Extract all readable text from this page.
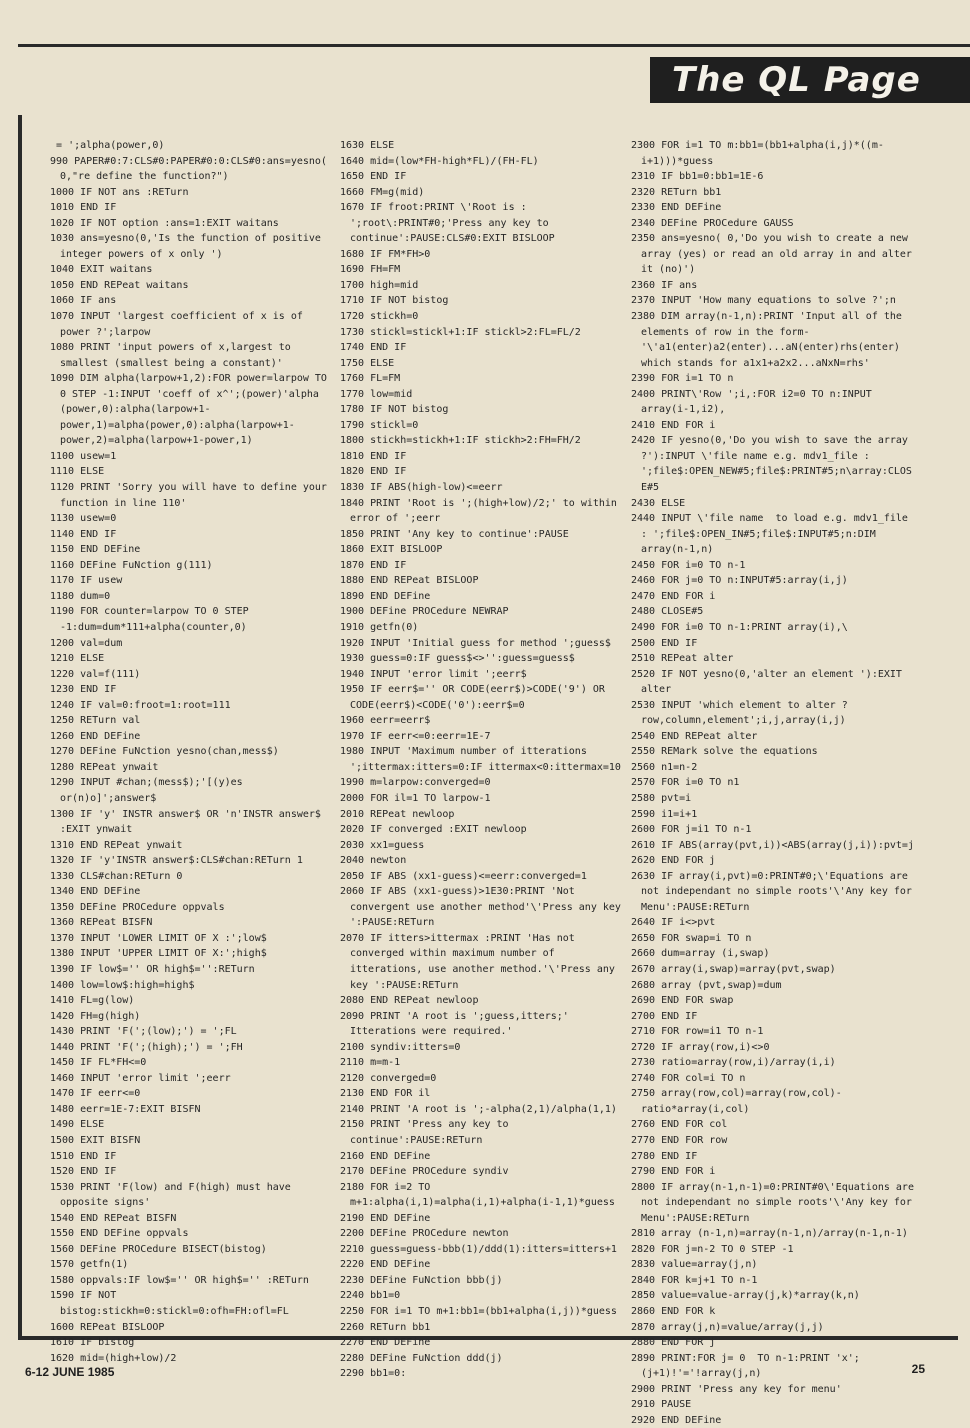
The QL Page
= ';alpha(power,0)
990 PAPER#0:7:CLS#0:PAPER#0:0:CLS#0:ans=yesno( 0,"re define the function?")
1000 IF NOT ans :RETurn
1010 END IF
1020 IF NOT option :ans=1:EXIT waitans
1030 ans=yesno(0,'Is the function of positive integer powers of x only ')
1040 EXIT waitans
1050 END REPeat waitans
1060 IF ans
1070 INPUT 'largest coefficient of x is of power ?';larpow
1080 PRINT 'input powers of x,largest to smallest (smallest being a constant)'
1090 DIM alpha(larpow+1,2):FOR power=larpow TO 0 STEP -1:INPUT 'coeff of x^';(power)'alpha (power,0):alpha(larpow+1-power,1)=alpha(power,0):alpha(larpow+1-power,2)=alpha(larpow+1-power,1)
1100 usew=1
1110 ELSE
1120 PRINT 'Sorry you will have to define your function in line 110'
1130 usew=0
1140 END IF
1150 END DEFine
1160 DEFine FuNction g(111)
1170 IF usew
1180 dum=0
1190 FOR counter=larpow TO 0 STEP -1:dum=dum*111+alpha(counter,0)
1200 val=dum
1210 ELSE
1220 val=f(111)
1230 END IF
1240 IF val=0:froot=1:root=111
1250 RETurn val
1260 END DEFine
1270 DEFine FuNction yesno(chan,mess$)
1280 REPeat ynwait
1290 INPUT #chan;(mess$);'[(y)es or(n)o]';answer$
1300 IF 'y' INSTR answer$ OR 'n'INSTR answer$ :EXIT ynwait
1310 END REPeat ynwait
1320 IF 'y'INSTR answer$:CLS#chan:RETurn 1
1330 CLS#chan:RETurn 0
1340 END DEFine
1350 DEFine PROCedure oppvals
1360 REPeat BISFN
1370 INPUT 'LOWER LIMIT OF X :';low$
1380 INPUT 'UPPER LIMIT OF X:';high$
1390 IF low$='' OR high$='':RETurn
1400 low=low$:high=high$
1410 FL=g(low)
1420 FH=g(high)
1430 PRINT 'F(';(low);') = ';FL
1440 PRINT 'F(';(high);') = ';FH
1450 IF FL*FH<=0
1460 INPUT 'error limit ';eerr
1470 IF eerr<=0
1480 eerr=1E-7:EXIT BISFN
1490 ELSE
1500 EXIT BISFN
1510 END IF
1520 END IF
1530 PRINT 'F(low) and F(high) must have opposite signs'
1540 END REPeat BISFN
1550 END DEFine oppvals
1560 DEFine PROCedure BISECT(bistog)
1570 getfn(1)
1580 oppvals:IF low$='' OR high$='' :RETurn
1590 IF NOT bistog:stickh=0:stickl=0:ofh=FH:ofl=FL
1600 REPeat BISLOOP
1610 IF bistog
1620 mid=(high+low)/2
1630 ELSE
1640 mid=(low*FH-high*FL)/(FH-FL)
1650 END IF
1660 FM=g(mid)
1670 IF froot:PRINT \'Root is : ';root\:PRINT#0;'Press any key to continue':PAUSE:CLS#0:EXIT BISLOOP
1680 IF FM*FH>0
1690 FH=FM
1700 high=mid
1710 IF NOT bistog
1720 stickh=0
1730 stickl=stickl+1:IF stickl>2:FL=FL/2
1740 END IF
1750 ELSE
1760 FL=FM
1770 low=mid
1780 IF NOT bistog
1790 stickl=0
1800 stickh=stickh+1:IF stickh>2:FH=FH/2
1810 END IF
1820 END IF
1830 IF ABS(high-low)<=eerr
1840 PRINT 'Root is ';(high+low)/2;' to within error of ';eerr
1850 PRINT 'Any key to continue':PAUSE
1860 EXIT BISLOOP
1870 END IF
1880 END REPeat BISLOOP
1890 END DEFine
1900 DEFine PROCedure NEWRAP
1910 getfn(0)
1920 INPUT 'Initial guess for method ';guess$
1930 guess=0:IF guess$<>'':guess=guess$
1940 INPUT 'error limit ';eerr$
1950 IF eerr$='' OR CODE(eerr$)>CODE('9') OR CODE(eerr$)<CODE('0'):eerr$=0
1960 eerr=eerr$
1970 IF eerr<=0:eerr=1E-7
1980 INPUT 'Maximum number of itterations ';ittermax:itters=0:IF ittermax<0:ittermax=10
1990 m=larpow:converged=0
2000 FOR il=1 TO larpow-1
2010 REPeat newloop
2020 IF converged :EXIT newloop
2030 xx1=guess
2040 newton
2050 IF ABS (xx1-guess)<=eerr:converged=1
2060 IF ABS (xx1-guess)>1E30:PRINT 'Not convergent use another method'\'Press any key ':PAUSE:RETurn
2070 IF itters>ittermax :PRINT 'Has not converged within maximum number of itterations, use another method.'\'Press any key ':PAUSE:RETurn
2080 END REPeat newloop
2090 PRINT 'A root is ';guess,itters;' Itterations were required.'
2100 syndiv:itters=0
2110 m=m-1
2120 converged=0
2130 END FOR il
2140 PRINT 'A root is ';-alpha(2,1)/alpha(1,1)
2150 PRINT 'Press any key to continue':PAUSE:RETurn
2160 END DEFine
2170 DEFine PROCedure syndiv
2180 FOR i=2 TO m+1:alpha(i,1)=alpha(i,1)+alpha(i-1,1)*guess
2190 END DEFine
2200 DEFine PROCedure newton
2210 guess=guess-bbb(1)/ddd(1):itters=itters+1
2220 END DEFine
2230 DEFine FuNction bbb(j)
2240 bb1=0
2250 FOR i=1 TO m+1:bb1=(bb1+alpha(i,j))*guess
2260 RETurn bb1
2270 END DEFine
2280 DEFine FuNction ddd(j)
2290 bb1=0:
2300 FOR i=1 TO m:bb1=(bb1+alpha(i,j)*((m-i+1)))*guess
2310 IF bb1=0:bb1=1E-6
2320 RETurn bb1
2330 END DEFine
2340 DEFine PROCedure GAUSS
2350 ans=yesno( 0,'Do you wish to create a new array (yes) or read an old array in and alter it (no)')
2360 IF ans
2370 INPUT 'How many equations to solve ?';n
2380 DIM array(n-1,n):PRINT 'Input all of the elements of row in the form-'\'a1(enter)a2(enter)...aN(enter)rhs(enter) which stands for a1x1+a2x2...aNxN=rhs'
2390 FOR i=1 TO n
2400 PRINT\'Row ';i,:FOR i2=0 TO n:INPUT array(i-1,i2),
2410 END FOR i
2420 IF yesno(0,'Do you wish to save the array ?'):INPUT \'file name e.g. mdv1_file : ';file$:OPEN_NEW#5;file$:PRINT#5;n\array:CLOSE#5
2430 ELSE
2440 INPUT \'file name  to load e.g. mdv1_file : ';file$:OPEN_IN#5;file$:INPUT#5;n:DIM array(n-1,n)
2450 FOR i=0 TO n-1
2460 FOR j=0 TO n:INPUT#5:array(i,j)
2470 END FOR i
2480 CLOSE#5
2490 FOR i=0 TO n-1:PRINT array(i),\
2500 END IF
2510 REPeat alter
2520 IF NOT yesno(0,'alter an element '):EXIT alter
2530 INPUT 'which element to alter ? row,column,element';i,j,array(i,j)
2540 END REPeat alter
2550 REMark solve the equations
2560 n1=n-2
2570 FOR i=0 TO n1
2580 pvt=i
2590 i1=i+1
2600 FOR j=i1 TO n-1
2610 IF ABS(array(pvt,i))<ABS(array(j,i)):pvt=j
2620 END FOR j
2630 IF array(i,pvt)=0:PRINT#0;\'Equations are not independant no simple roots'\'Any key for Menu':PAUSE:RETurn
2640 IF i<>pvt
2650 FOR swap=i TO n
2660 dum=array (i,swap)
2670 array(i,swap)=array(pvt,swap)
2680 array (pvt,swap)=dum
2690 END FOR swap
2700 END IF
2710 FOR row=i1 TO n-1
2720 IF array(row,i)<>0
2730 ratio=array(row,i)/array(i,i)
2740 FOR col=i TO n
2750 array(row,col)=array(row,col)-ratio*array(i,col)
2760 END FOR col
2770 END FOR row
2780 END IF
2790 END FOR i
2800 IF array(n-1,n-1)=0:PRINT#0\'Equations are not independant no simple roots'\'Any key for Menu':PAUSE:RETurn
2810 array (n-1,n)=array(n-1,n)/array(n-1,n-1)
2820 FOR j=n-2 TO 0 STEP -1
2830 value=array(j,n)
2840 FOR k=j+1 TO n-1
2850 value=value-array(j,k)*array(k,n)
2860 END FOR k
2870 array(j,n)=value/array(j,j)
2880 END FOR j
2890 PRINT:FOR j= 0  TO n-1:PRINT 'x';(j+1)!'='!array(j,n)
2900 PRINT 'Press any key for menu'
2910 PAUSE
2920 END DEFine
6-12 JUNE 1985	25
